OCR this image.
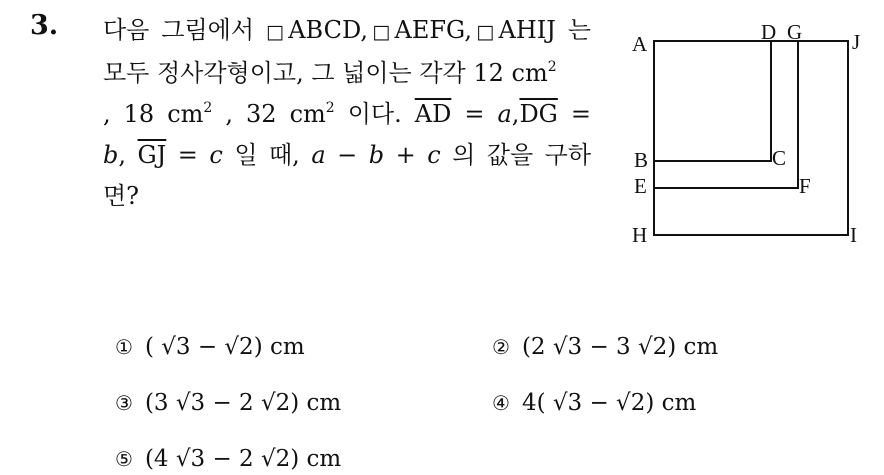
3. 다음 그림에서 □ABCD,□AEFG,□AHIJ 는
모두 정사각형이고, 그 넓이는 각각 12 $cm^2$
, 18 $cm^2$ , 32 $cm^2$ 이다. $\overline{AD} = a,\overline{DG}$ =
b, $\overline{GJ} = c$ 일 때, a − b + c 의 값을 구하
면?
A	D G J
B	C
E	F
H	I
① ( √3 − √2) cm	② (2 √3 − 3 √2) cm
③ (3 √3 − 2 √2) cm	④ 4( √3 − √2) cm
⑤ (4 √3 − 2 √2) cm
